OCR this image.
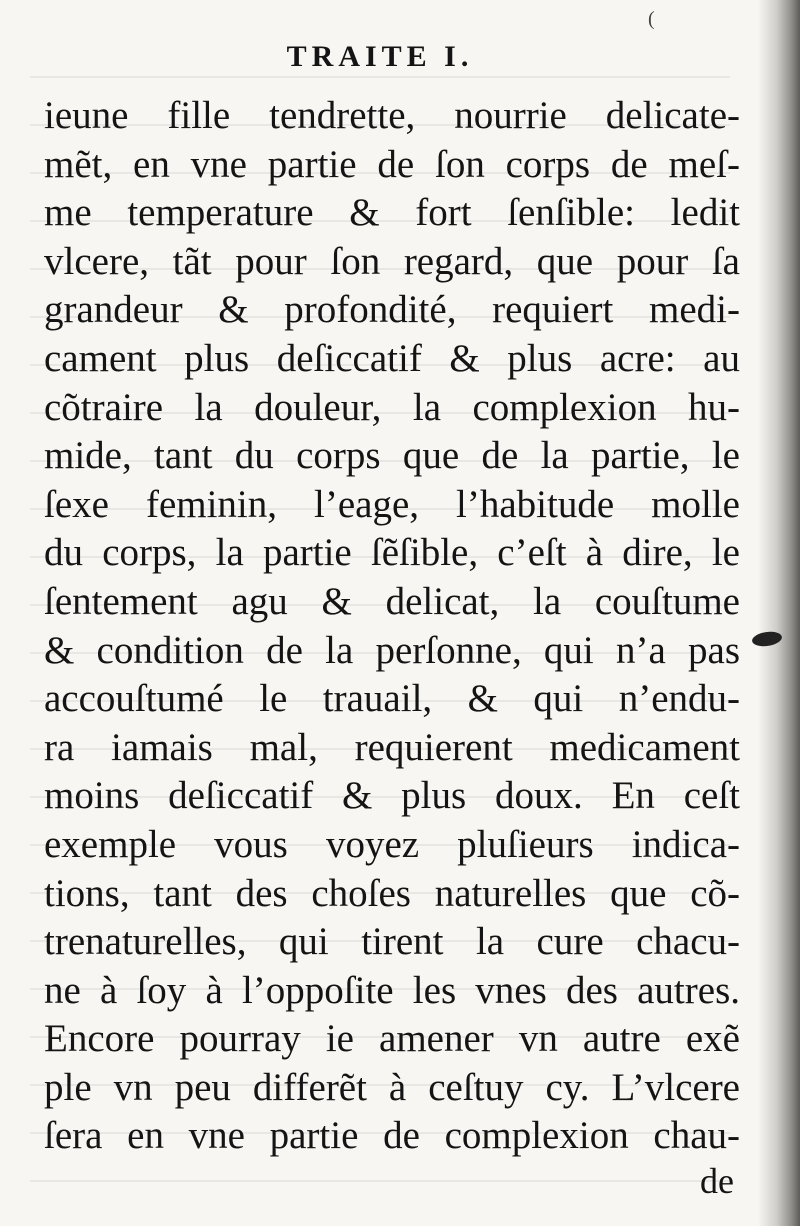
(
TRAITE I.
ieune fille tendrette, nourrie delicate-
mẽt, en vne partie de ſon corps de meſ-
me temperature & fort ſenſible: ledit
vlcere, tãt pour ſon regard, que pour ſa
grandeur & profondité, requiert medi-
cament plus deſiccatif & plus acre: au
cõtraire la douleur, la complexion hu-
mide, tant du corps que de la partie, le
ſexe feminin, l’eage, l’habitude molle
du corps, la partie ſẽſible, c’eſt à dire, le
ſentement agu & delicat, la couſtume
& condition de la perſonne, qui n’a pas
accouſtumé le trauail, & qui n’endu-
ra iamais mal, requierent medicament
moins deſiccatif & plus doux. En ceſt
exemple vous voyez pluſieurs indica-
tions, tant des choſes naturelles que cõ-
trenaturelles, qui tirent la cure chacu-
ne à ſoy à l’oppoſite les vnes des autres.
Encore pourray ie amener vn autre exẽ
ple vn peu differẽt à ceſtuy cy. L’vlcere
ſera en vne partie de complexion chau-
de
